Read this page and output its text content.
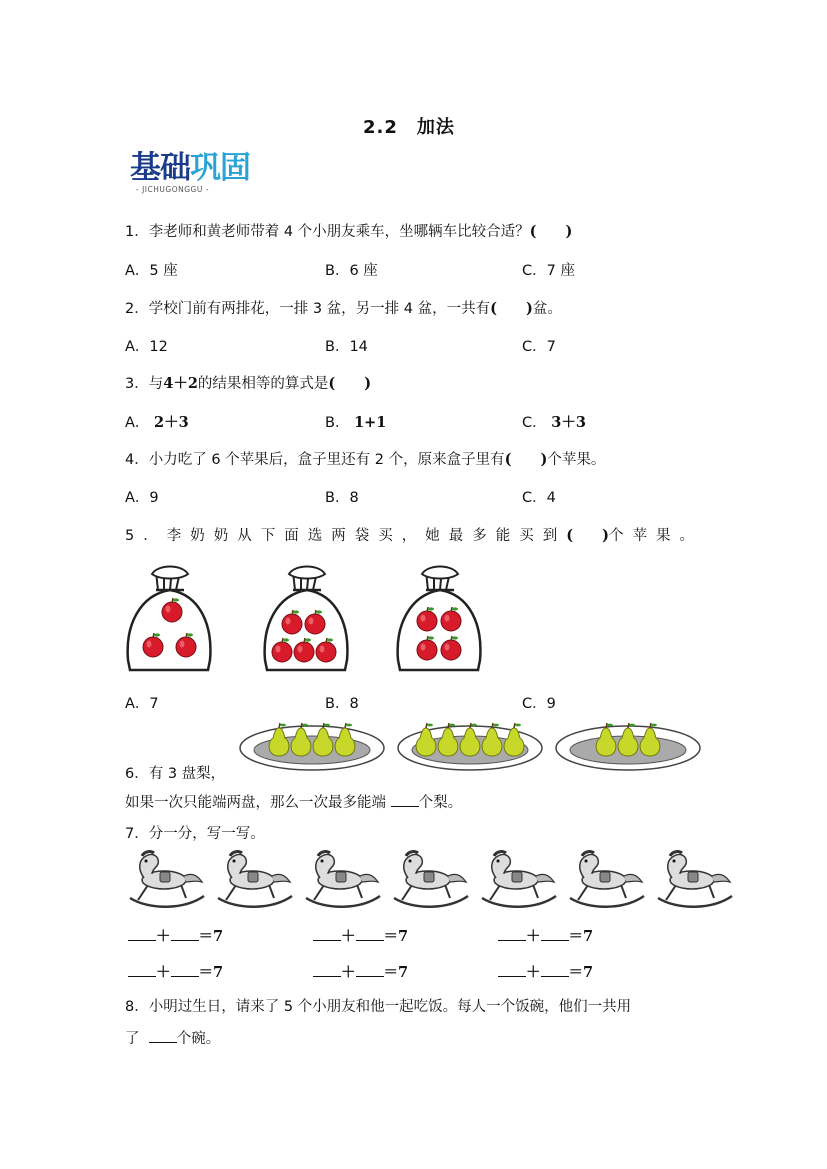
2.2　加法
基础巩固
- JICHUGONGGU -
1．李老师和黄老师带着 4 个小朋友乘车，坐哪辆车比较合适？(　　)
A．5 座	B．6 座	C．7 座
2．学校门前有两排花，一排 3 盆，另一排 4 盆，一共有(　　)盆。
A．12	B．14	C．7
3．与4＋2的结果相等的算式是(　　)
A． 2＋3	B． 1+1	C． 3＋3
4．小力吃了 6 个苹果后，盒子里还有 2 个，原来盒子里有(　　)个苹果。
A．9	B．8	C．4
5．李奶奶从下面选两袋买，她最多能买到(　　)个苹果。
A．7	B．8	C．9
6．有 3 盘梨，
如果一次只能端两盘，那么一次最多能端 个梨。
7．分一分，写一写。
＋ ＝7	＋ ＝7	＋ ＝7
＋ ＝7	＋ ＝7	＋ ＝7
8．小明过生日，请来了 5 个小朋友和他一起吃饭。每人一个饭碗，他们一共用
了	个碗。
